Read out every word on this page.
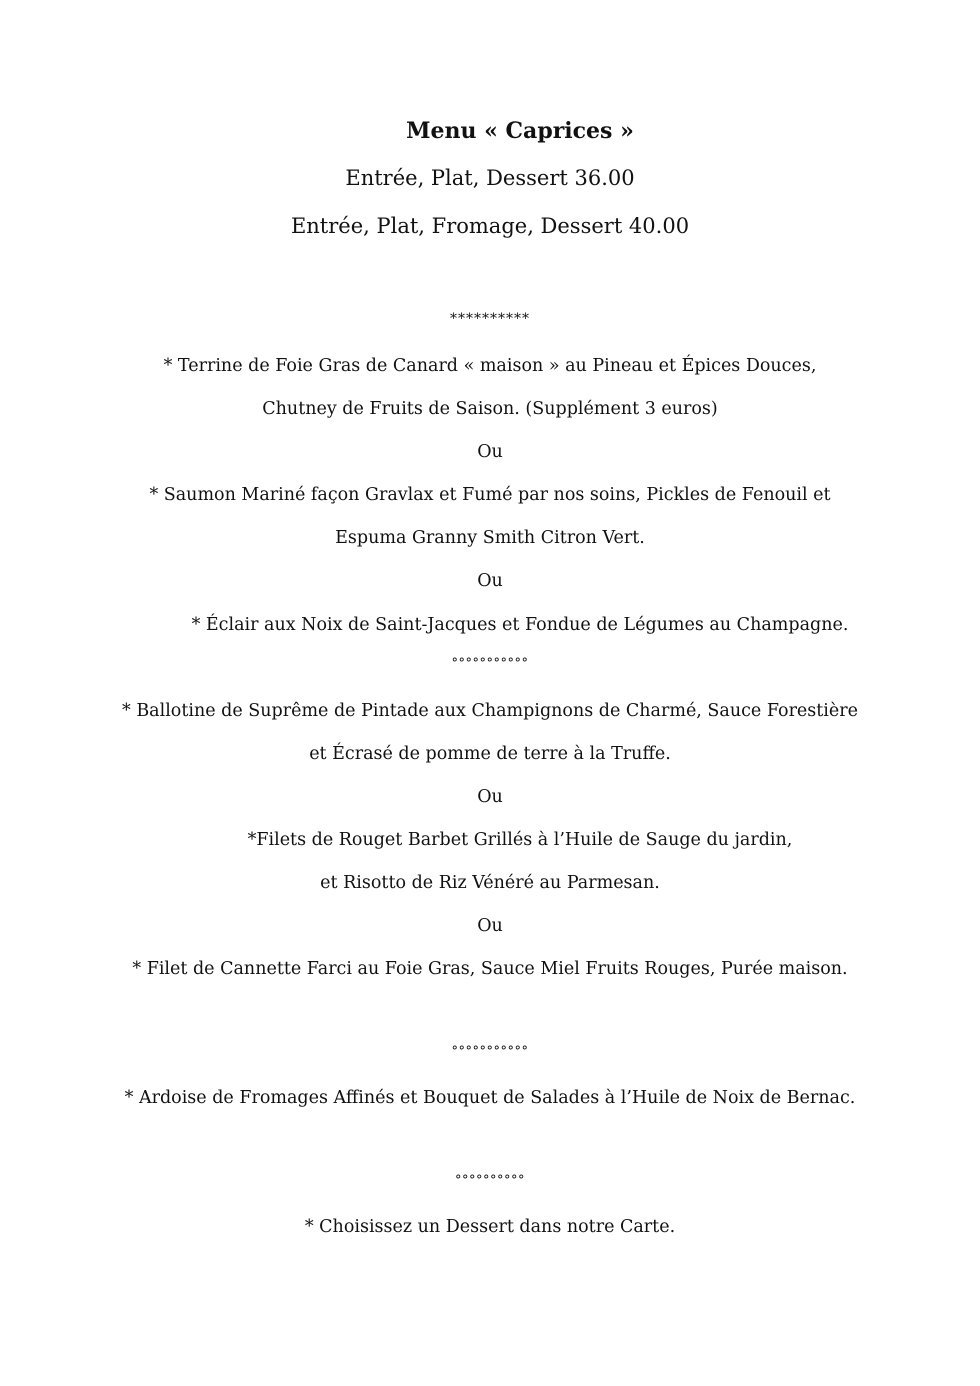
Menu « Caprices »
Entrée, Plat, Dessert 36.00
Entrée, Plat, Fromage, Dessert 40.00
**********
* Terrine de Foie Gras de Canard « maison » au Pineau et Épices Douces,
Chutney de Fruits de Saison. (Supplément 3 euros)
Ou
* Saumon Mariné façon Gravlax et Fumé par nos soins, Pickles de Fenouil et
Espuma Granny Smith Citron Vert.
Ou
* Éclair aux Noix de Saint-Jacques et Fondue de Légumes au Champagne.
°°°°°°°°°°°
* Ballotine de Suprême de Pintade aux Champignons de Charmé, Sauce Forestière
et Écrasé de pomme de terre à la Truffe.
Ou
*Filets de Rouget Barbet Grillés à l’Huile de Sauge du jardin,
et Risotto de Riz Vénéré au Parmesan.
Ou
* Filet de Cannette Farci au Foie Gras, Sauce Miel Fruits Rouges, Purée maison.
°°°°°°°°°°°
* Ardoise de Fromages Affinés et Bouquet de Salades à l’Huile de Noix de Bernac.
°°°°°°°°°°
* Choisissez un Dessert dans notre Carte.
